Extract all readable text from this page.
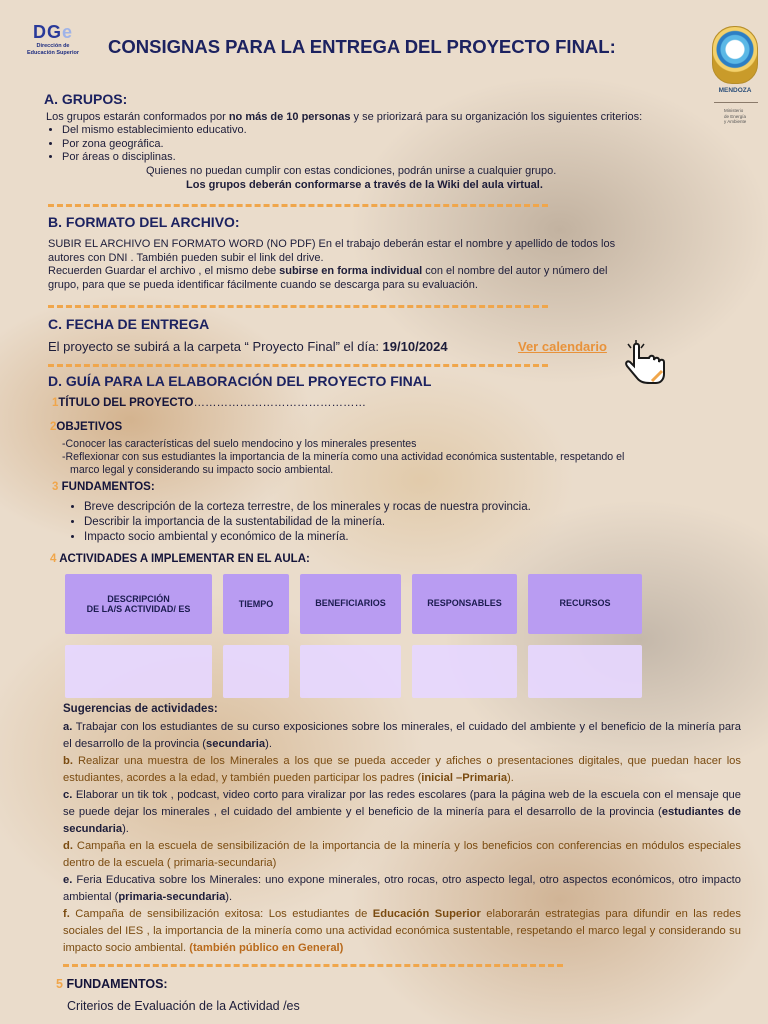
DGe
Dirección de
Educación Superior	CONSIGNAS PARA LA ENTREGA DEL PROYECTO FINAL:
MENDOZA
Ministerio
de Energía
y Ambiente
A. GRUPOS:
Los grupos estarán conformados por no más de 10 personas y se priorizará para su organización los siguientes criterios:
• Del mismo establecimiento educativo.
• Por zona geográfica.
• Por áreas o disciplinas.
Quienes no puedan cumplir con estas condiciones, podrán unirse a cualquier grupo.
Los grupos deberán conformarse a través de la Wiki del aula virtual.
B. FORMATO DEL ARCHIVO:
SUBIR EL ARCHIVO EN FORMATO WORD (NO PDF) En el trabajo deberán estar el nombre y apellido de todos los
autores con DNI . También pueden subir el link del drive.
Recuerden Guardar el archivo , el mismo debe subirse en forma individual con el nombre del autor y número del
grupo, para que se pueda identificar fácilmente cuando se descarga para su evaluación.
C. FECHA DE ENTREGA
El proyecto se subirá a la carpeta “ Proyecto Final” el día: 19/10/2024	Ver calendario
D. GUÍA PARA LA ELABORACIÓN DEL PROYECTO FINAL
1TÍTULO DEL PROYECTO………………………………………
2OBJETIVOS
-Conocer las características del suelo mendocino y los minerales presentes
-Reflexionar con sus estudiantes la importancia de la minería como una actividad económica sustentable, respetando el
marco legal y considerando su impacto socio ambiental.
3 FUNDAMENTOS:
• Breve descripción de la corteza terrestre, de los minerales y rocas de nuestra provincia.
• Describir la importancia de la sustentabilidad de la minería.
• Impacto socio ambiental y económico de la minería.
4 ACTIVIDADES A IMPLEMENTAR EN EL AULA:
DESCRIPCIÓN
DE LA/S ACTIVIDAD/ ES	TIEMPO	BENEFICIARIOS	RESPONSABLES	RECURSOS
Sugerencias de actividades:
a. Trabajar con los estudiantes de su curso exposiciones sobre los minerales, el cuidado del ambiente y el beneficio de la minería para el desarrollo de la provincia (secundaria).
b. Realizar una muestra de los Minerales a los que se pueda acceder y afiches o presentaciones digitales, que puedan hacer los estudiantes, acordes a la edad, y también pueden participar los padres (inicial –Primaria).
c. Elaborar un tik tok , podcast, video corto para viralizar por las redes escolares (para la página web de la escuela con el mensaje que se puede dejar los minerales , el cuidado del ambiente y el beneficio de la minería para el desarrollo de la provincia (estudiantes de secundaria).
d. Campaña en la escuela de sensibilización de la importancia de la minería y los beneficios con conferencias en módulos especiales dentro de la escuela ( primaria-secundaria)
e. Feria Educativa sobre los Minerales: uno expone minerales, otro rocas, otro aspecto legal, otro aspectos económicos, otro impacto ambiental (primaria-secundaria).
f. Campaña de sensibilización exitosa: Los estudiantes de Educación Superior elaborarán estrategias para difundir en las redes sociales del IES , la importancia de la minería como una actividad económica sustentable, respetando el marco legal y considerando su impacto socio ambiental. (también público en General)
5 FUNDAMENTOS:
Criterios de Evaluación de la Actividad /es
